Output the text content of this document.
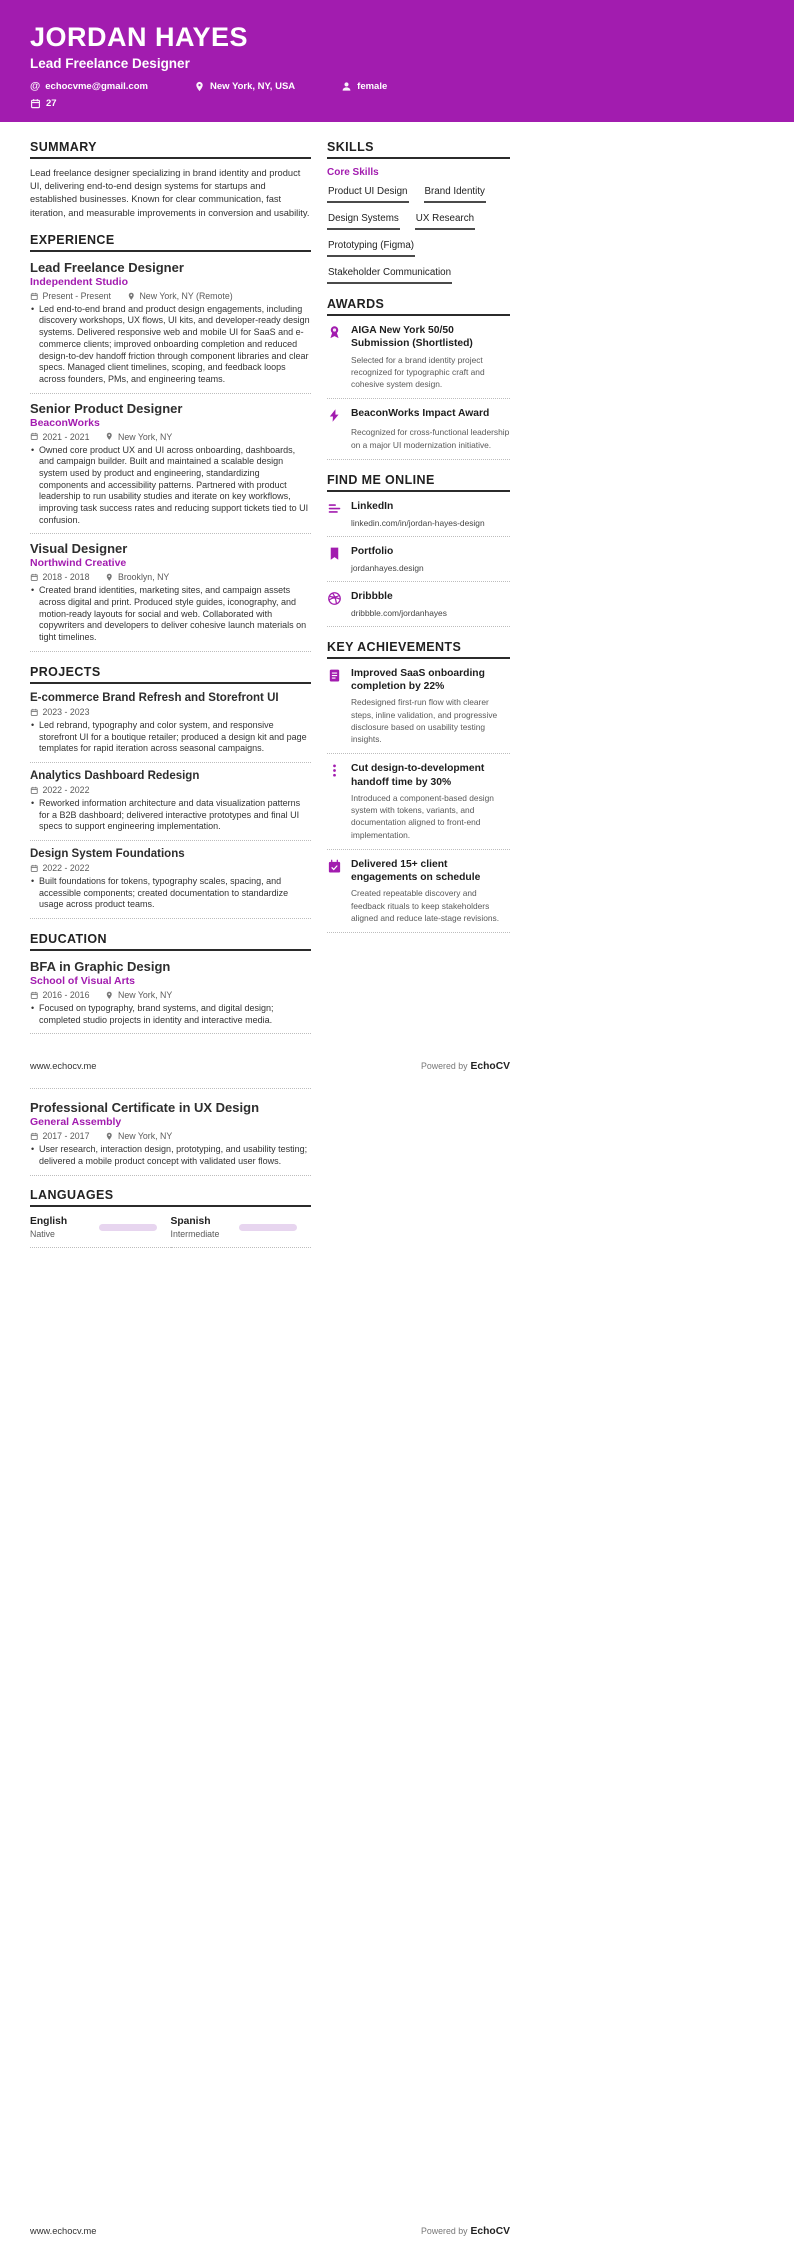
JORDAN HAYES
Lead Freelance Designer
@ echocvme@gmail.com	New York, NY, USA	female
27
SUMMARY

Lead freelance designer specializing in brand identity and product UI, delivering end-to-end design systems for startups and established businesses. Known for clear communication, fast iteration, and measurable improvements in conversion and usability.

EXPERIENCE
Lead Freelance Designer
Independent Studio
Present - Present	New York, NY (Remote)
• Led end-to-end brand and product design engagements, including discovery workshops, UX flows, UI kits, and developer-ready design systems. Delivered responsive web and mobile UI for SaaS and e-commerce clients; improved onboarding completion and reduced design-to-dev handoff friction through component libraries and clear specs. Managed client timelines, scoping, and feedback loops across founders, PMs, and engineering teams.
Senior Product Designer
BeaconWorks
2021 - 2021	New York, NY
• Owned core product UX and UI across onboarding, dashboards, and campaign builder. Built and maintained a scalable design system used by product and engineering, standardizing components and accessibility patterns. Partnered with product leadership to run usability studies and iterate on key workflows, improving task success rates and reducing support tickets tied to UI confusion.
Visual Designer
Northwind Creative
2018 - 2018	Brooklyn, NY
• Created brand identities, marketing sites, and campaign assets across digital and print. Produced style guides, iconography, and motion-ready layouts for social and web. Collaborated with copywriters and developers to deliver cohesive launch materials on tight timelines.
PROJECTS
E-commerce Brand Refresh and Storefront UI
2023 - 2023
• Led rebrand, typography and color system, and responsive storefront UI for a boutique retailer; produced a design kit and page templates for rapid iteration across seasonal campaigns.
Analytics Dashboard Redesign
2022 - 2022
• Reworked information architecture and data visualization patterns for a B2B dashboard; delivered interactive prototypes and final UI specs to support engineering implementation.
Design System Foundations
2022 - 2022
• Built foundations for tokens, typography scales, spacing, and accessible components; created documentation to standardize usage across product teams.
EDUCATION
BFA in Graphic Design
School of Visual Arts
2016 - 2016	New York, NY
• Focused on typography, brand systems, and digital design; completed studio projects in identity and interactive media.
SKILLS
Core Skills
Product UI Design Brand Identity
Design Systems UX Research
Prototyping (Figma)
Stakeholder Communication
AWARDS
AIGA New York 50/50 Submission (Shortlisted)
Selected for a brand identity project recognized for typographic craft and cohesive system design.
BeaconWorks Impact Award
Recognized for cross-functional leadership on a major UI modernization initiative.
FIND ME ONLINE
LinkedIn
linkedin.com/in/jordan-hayes-design
Portfolio
jordanhayes.design
Dribbble
dribbble.com/jordanhayes
KEY ACHIEVEMENTS
Improved SaaS onboarding completion by 22%
Redesigned first-run flow with clearer steps, inline validation, and progressive disclosure based on usability testing insights.
Cut design-to-development handoff time by 30%
Introduced a component-based design system with tokens, variants, and documentation aligned to front-end implementation.
Delivered 15+ client engagements on schedule
Created repeatable discovery and feedback rituals to keep stakeholders aligned and reduce late-stage revisions.
www.echocv.me	Powered by EchoCV
Professional Certificate in UX Design
General Assembly
2017 - 2017	New York, NY
• User research, interaction design, prototyping, and usability testing; delivered a mobile product concept with validated user flows.
LANGUAGES
English
Native
Spanish
Intermediate
www.echocv.me	Powered by EchoCV
